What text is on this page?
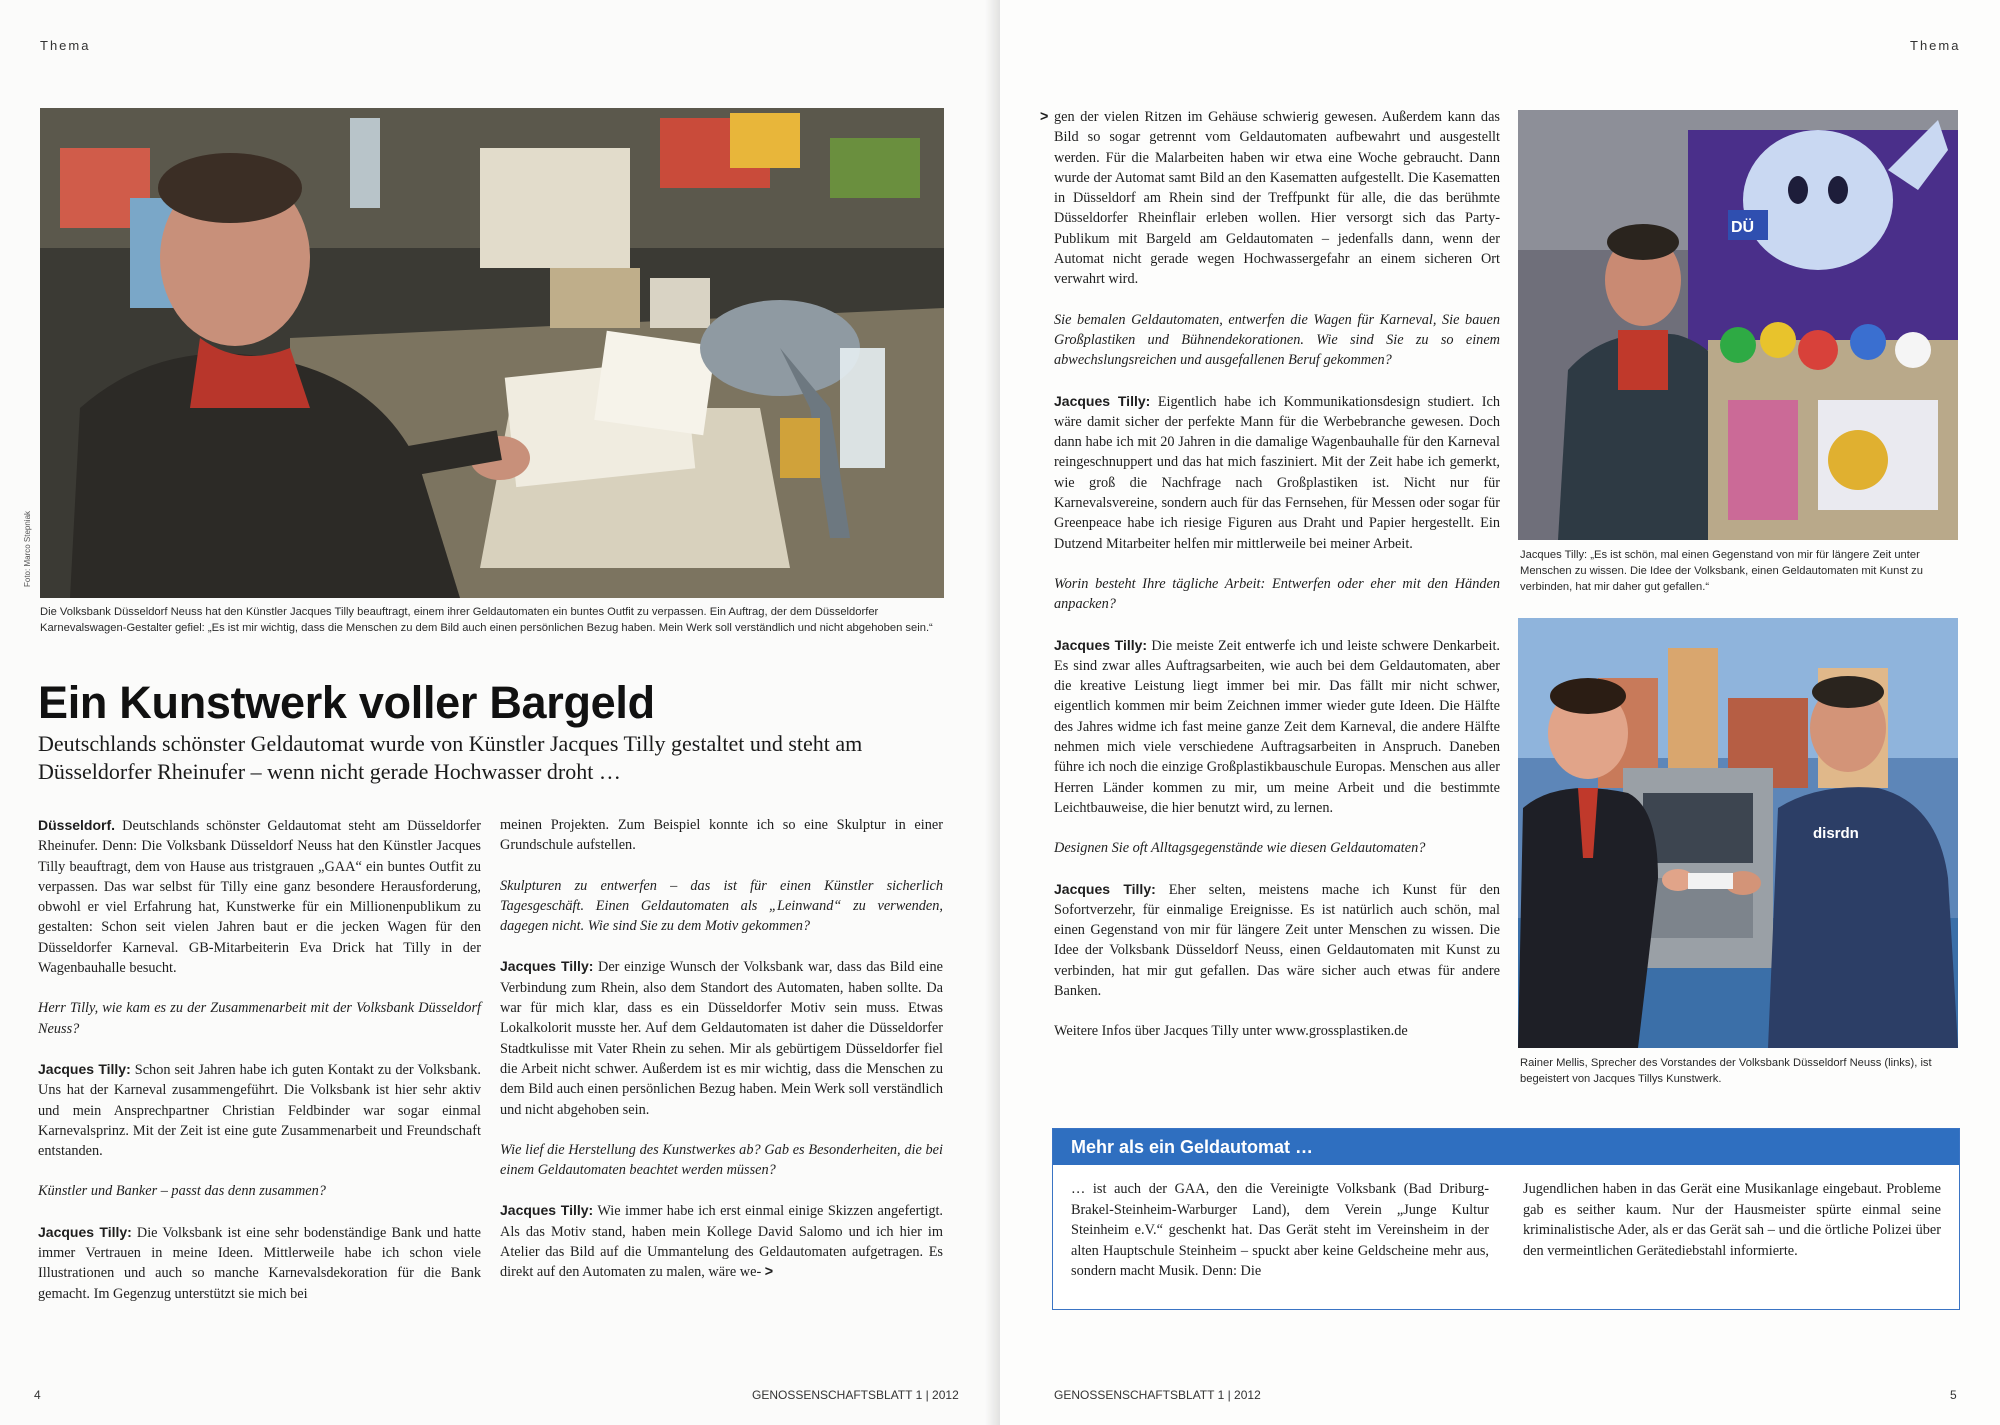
Thema
Foto: Marco Stepniak
Die Volksbank Düsseldorf Neuss hat den Künstler Jacques Tilly beauftragt, einem ihrer Geldautomaten ein buntes Outfit zu verpassen. Ein Auftrag, der dem Düsseldorfer Karnevalswagen-Gestalter gefiel: „Es ist mir wichtig, dass die Menschen zu dem Bild auch einen persönlichen Bezug haben. Mein Werk soll verständlich und nicht abgehoben sein.“
Ein Kunstwerk voller Bargeld

Deutschlands schönster Geldautomat wurde von Künstler Jacques Tilly gestaltet und steht am Düsseldorfer Rheinufer – wenn nicht gerade Hochwasser droht …

Düsseldorf. Deutschlands schönster Geldautomat steht am Düsseldorfer Rheinufer. Denn: Die Volksbank Düsseldorf Neuss hat den Künstler Jacques Tilly beauftragt, dem von Hause aus tristgrauen „GAA“ ein buntes Outfit zu verpassen. Das war selbst für Tilly eine ganz besondere Herausforderung, obwohl er viel Erfahrung hat, Kunstwerke für ein Millionenpublikum zu gestalten: Schon seit vielen Jahren baut er die jecken Wagen für den Düsseldorfer Karneval. GB-Mitarbeiterin Eva Drick hat Tilly in der Wagenbauhalle besucht.

Herr Tilly, wie kam es zu der Zusammenarbeit mit der Volksbank Düsseldorf Neuss?

Jacques Tilly: Schon seit Jahren habe ich guten Kontakt zu der Volksbank. Uns hat der Karneval zusammengeführt. Die Volksbank ist hier sehr aktiv und mein Ansprechpartner Christian Feldbinder war sogar einmal Karnevalsprinz. Mit der Zeit ist eine gute Zusammenarbeit und Freundschaft entstanden.

Künstler und Banker – passt das denn zusammen?

Jacques Tilly: Die Volksbank ist eine sehr bodenständige Bank und hatte immer Vertrauen in meine Ideen. Mittlerweile habe ich schon viele Illustrationen und auch so manche Karnevalsdekoration für die Bank gemacht. Im Gegenzug unterstützt sie mich bei

meinen Projekten. Zum Beispiel konnte ich so eine Skulptur in einer Grundschule aufstellen.

Skulpturen zu entwerfen – das ist für einen Künstler sicherlich Tagesgeschäft. Einen Geldautomaten als „Leinwand“ zu verwenden, dagegen nicht. Wie sind Sie zu dem Motiv gekommen?

Jacques Tilly: Der einzige Wunsch der Volksbank war, dass das Bild eine Verbindung zum Rhein, also dem Standort des Automaten, haben sollte. Da war für mich klar, dass es ein Düsseldorfer Motiv sein muss. Etwas Lokalkolorit musste her. Auf dem Geldautomaten ist daher die Düsseldorfer Stadtkulisse mit Vater Rhein zu sehen. Mir als gebürtigem Düsseldorfer fiel die Arbeit nicht schwer. Außerdem ist es mir wichtig, dass die Menschen zu dem Bild auch einen persönlichen Bezug haben. Mein Werk soll verständlich und nicht abgehoben sein.

Wie lief die Herstellung des Kunstwerkes ab? Gab es Besonderheiten, die bei einem Geldautomaten beachtet werden müssen?

Jacques Tilly: Wie immer habe ich erst einmal einige Skizzen angefertigt. Als das Motiv stand, haben mein Kollege David Salomo und ich hier im Atelier das Bild auf die Ummantelung des Geldautomaten aufgetragen. Es direkt auf den Automaten zu malen, wäre we- >

4	GENOSSENSCHAFTSBLATT 1 | 2012
Thema

> gen der vielen Ritzen im Gehäuse schwierig gewesen. Außerdem kann das Bild so sogar getrennt vom Geldautomaten aufbewahrt und ausgestellt werden. Für die Malarbeiten haben wir etwa eine Woche gebraucht. Dann wurde der Automat samt Bild an den Kasematten aufgestellt. Die Kasematten in Düsseldorf am Rhein sind der Treffpunkt für alle, die das berühmte Düsseldorfer Rheinflair erleben wollen. Hier versorgt sich das Party-Publikum mit Bargeld am Geldautomaten – jedenfalls dann, wenn der Automat nicht gerade wegen Hochwassergefahr an einem sicheren Ort verwahrt wird.

Sie bemalen Geldautomaten, entwerfen die Wagen für Karneval, Sie bauen Großplastiken und Bühnendekorationen. Wie sind Sie zu so einem abwechslungsreichen und ausgefallenen Beruf gekommen?

Jacques Tilly: Eigentlich habe ich Kommunikationsdesign studiert. Ich wäre damit sicher der perfekte Mann für die Werbebranche gewesen. Doch dann habe ich mit 20 Jahren in die damalige Wagenbauhalle für den Karneval reingeschnuppert und das hat mich fasziniert. Mit der Zeit habe ich gemerkt, wie groß die Nachfrage nach Großplastiken ist. Nicht nur für Karnevalsvereine, sondern auch für das Fernsehen, für Messen oder sogar für Greenpeace habe ich riesige Figuren aus Draht und Papier hergestellt. Ein Dutzend Mitarbeiter helfen mir mittlerweile bei meiner Arbeit.

Worin besteht Ihre tägliche Arbeit: Entwerfen oder eher mit den Händen anpacken?

Jacques Tilly: Die meiste Zeit entwerfe ich und leiste schwere Denkarbeit. Es sind zwar alles Auftragsarbeiten, wie auch bei dem Geldautomaten, aber die kreative Leistung liegt immer bei mir. Das fällt mir nicht schwer, eigentlich kommen mir beim Zeichnen immer wieder gute Ideen. Die Hälfte des Jahres widme ich fast meine ganze Zeit dem Karneval, die andere Hälfte nehmen mich viele verschiedene Auftragsarbeiten in Anspruch. Daneben führe ich noch die einzige Großplastikbauschule Europas. Menschen aus aller Herren Länder kommen zu mir, um meine Arbeit und die bestimmte Leichtbauweise, die hier benutzt wird, zu lernen.

Designen Sie oft Alltagsgegenstände wie diesen Geldautomaten?

Jacques Tilly: Eher selten, meistens mache ich Kunst für den Sofortverzehr, für einmalige Ereignisse. Es ist natürlich auch schön, mal einen Gegenstand von mir für längere Zeit unter Menschen zu wissen. Die Idee der Volksbank Düsseldorf Neuss, einen Geldautomaten mit Kunst zu verbinden, hat mir gut gefallen. Das wäre sicher auch etwas für andere Banken.

Weitere Infos über Jacques Tilly unter www.grossplastiken.de

DÜ
Jacques Tilly: „Es ist schön, mal einen Gegenstand von mir für längere Zeit unter Menschen zu wissen. Die Idee der Volksbank, einen Geldautomaten mit Kunst zu verbinden, hat mir daher gut gefallen.“
disrdn
Rainer Mellis, Sprecher des Vorstandes der Volksbank Düsseldorf Neuss (links), ist begeistert von Jacques Tillys Kunstwerk.
Mehr als ein Geldautomat …
… ist auch der GAA, den die Vereinigte Volksbank (Bad Driburg-Brakel-Steinheim-Warburger Land), dem Verein „Junge Kultur Steinheim e.V.“ geschenkt hat. Das Gerät steht im Vereinsheim in der alten Hauptschule Steinheim – spuckt aber keine Geldscheine mehr aus, sondern macht Musik. Denn: Die
Jugendlichen haben in das Gerät eine Musikanlage eingebaut. Probleme gab es seither kaum. Nur der Hausmeister spürte einmal seine kriminalistische Ader, als er das Gerät sah – und die örtliche Polizei über den vermeintlichen Gerätediebstahl informierte.
GENOSSENSCHAFTSBLATT 1 | 2012	5
